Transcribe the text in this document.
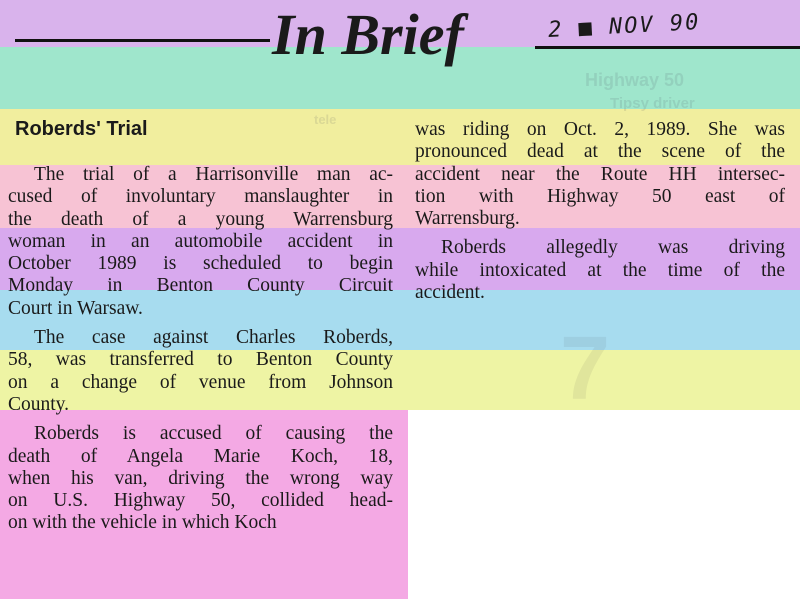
Highway 50
Tipsy driver
tele
7
In Brief	2 ■ NOV 90
Roberds' Trial

The trial of a Harrisonville man ac-

cused of involuntary manslaughter in

the death of a young Warrensburg

woman in an automobile accident in

October 1989 is scheduled to begin

Monday in Benton County Circuit

Court in Warsaw.

The case against Charles Roberds,

58, was transferred to Benton County

on a change of venue from Johnson

County.

Roberds is accused of causing the

death of Angela Marie Koch, 18,

when his van, driving the wrong way

on U.S. Highway 50, collided head-

on with the vehicle in which Koch

was riding on Oct. 2, 1989. She was

pronounced dead at the scene of the

accident near the Route HH intersec-

tion with Highway 50 east of

Warrensburg.

Roberds allegedly was driving

while intoxicated at the time of the

accident.
